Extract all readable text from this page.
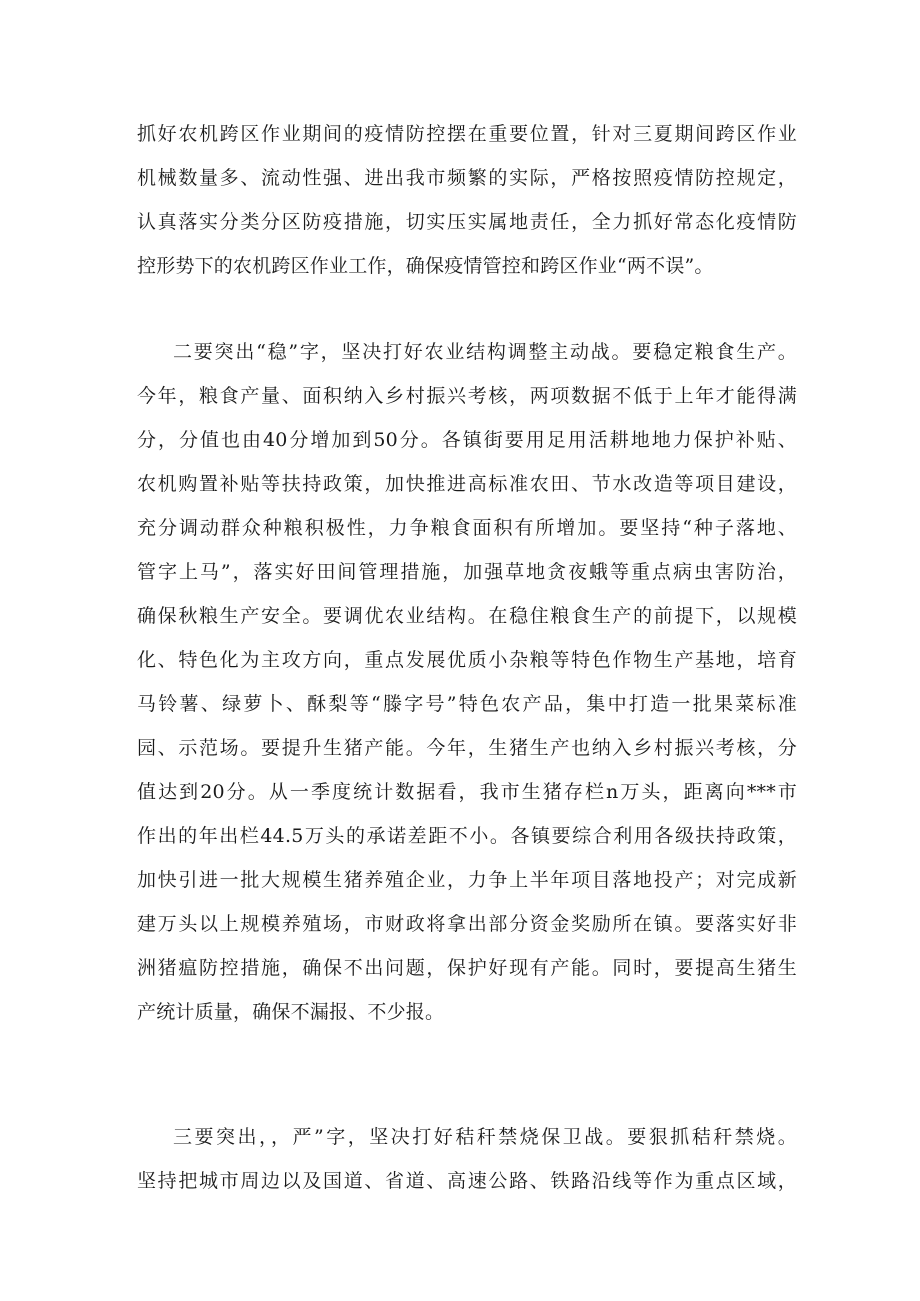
抓好农机跨区作业期间的疫情防控摆在重要位置，针对三夏期间跨区作业
机械数量多、流动性强、进出我市频繁的实际，严格按照疫情防控规定，
认真落实分类分区防疫措施，切实压实属地责任，全力抓好常态化疫情防
控形势下的农机跨区作业工作，确保疫情管控和跨区作业“两不误”。
二要突出“稳”字，坚决打好农业结构调整主动战。要稳定粮食生产。
今年，粮食产量、面积纳入乡村振兴考核，两项数据不低于上年才能得满
分，分值也由40分增加到50分。各镇街要用足用活耕地地力保护补贴、
农机购置补贴等扶持政策，加快推进高标准农田、节水改造等项目建设，
充分调动群众种粮积极性，力争粮食面积有所增加。要坚持“种子落地、
管字上马”，落实好田间管理措施，加强草地贪夜蛾等重点病虫害防治，
确保秋粮生产安全。要调优农业结构。在稳住粮食生产的前提下，以规模
化、特色化为主攻方向，重点发展优质小杂粮等特色作物生产基地，培育
马铃薯、绿萝卜、酥梨等“滕字号”特色农产品，集中打造一批果菜标准
园、示范场。要提升生猪产能。今年，生猪生产也纳入乡村振兴考核，分
值达到20分。从一季度统计数据看，我市生猪存栏n万头，距离向***市
作出的年出栏44.5万头的承诺差距不小。各镇要综合利用各级扶持政策，
加快引进一批大规模生猪养殖企业，力争上半年项目落地投产；对完成新
建万头以上规模养殖场，市财政将拿出部分资金奖励所在镇。要落实好非
洲猪瘟防控措施，确保不出问题，保护好现有产能。同时，要提高生猪生
产统计质量，确保不漏报、不少报。
三要突出，，严”字，坚决打好秸秆禁烧保卫战。要狠抓秸秆禁烧。
坚持把城市周边以及国道、省道、高速公路、铁路沿线等作为重点区域，
